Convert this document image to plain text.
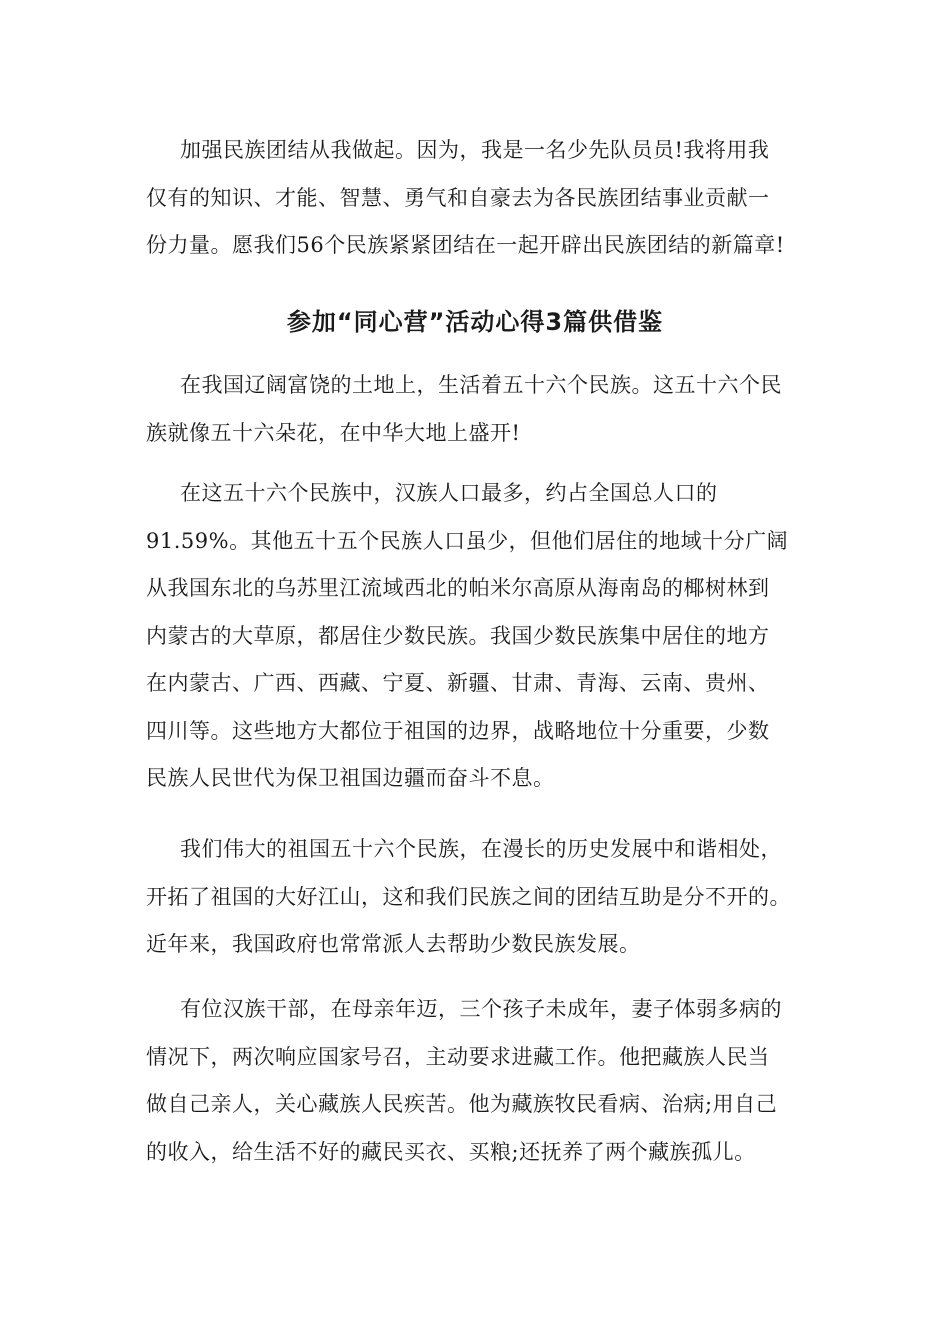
加强民族团结从我做起。因为，我是一名少先队员员!我将用我
仅有的知识、才能、智慧、勇气和自豪去为各民族团结事业贡献一
份力量。愿我们56个民族紧紧团结在一起开辟出民族团结的新篇章!
参加“同心营”活动心得3篇供借鉴
在我国辽阔富饶的土地上，生活着五十六个民族。这五十六个民
族就像五十六朵花，在中华大地上盛开!
在这五十六个民族中，汉族人口最多，约占全国总人口的
91.59%。其他五十五个民族人口虽少，但他们居住的地域十分广阔
从我国东北的乌苏里江流域西北的帕米尔高原从海南岛的椰树林到
内蒙古的大草原，都居住少数民族。我国少数民族集中居住的地方
在内蒙古、广西、西藏、宁夏、新疆、甘肃、青海、云南、贵州、
四川等。这些地方大都位于祖国的边界，战略地位十分重要，少数
民族人民世代为保卫祖国边疆而奋斗不息。
我们伟大的祖国五十六个民族，在漫长的历史发展中和谐相处，
开拓了祖国的大好江山，这和我们民族之间的团结互助是分不开的。
近年来，我国政府也常常派人去帮助少数民族发展。
有位汉族干部，在母亲年迈，三个孩子未成年，妻子体弱多病的
情况下，两次响应国家号召，主动要求进藏工作。他把藏族人民当
做自己亲人，关心藏族人民疾苦。他为藏族牧民看病、治病;用自己
的收入，给生活不好的藏民买衣、买粮;还抚养了两个藏族孤儿。
